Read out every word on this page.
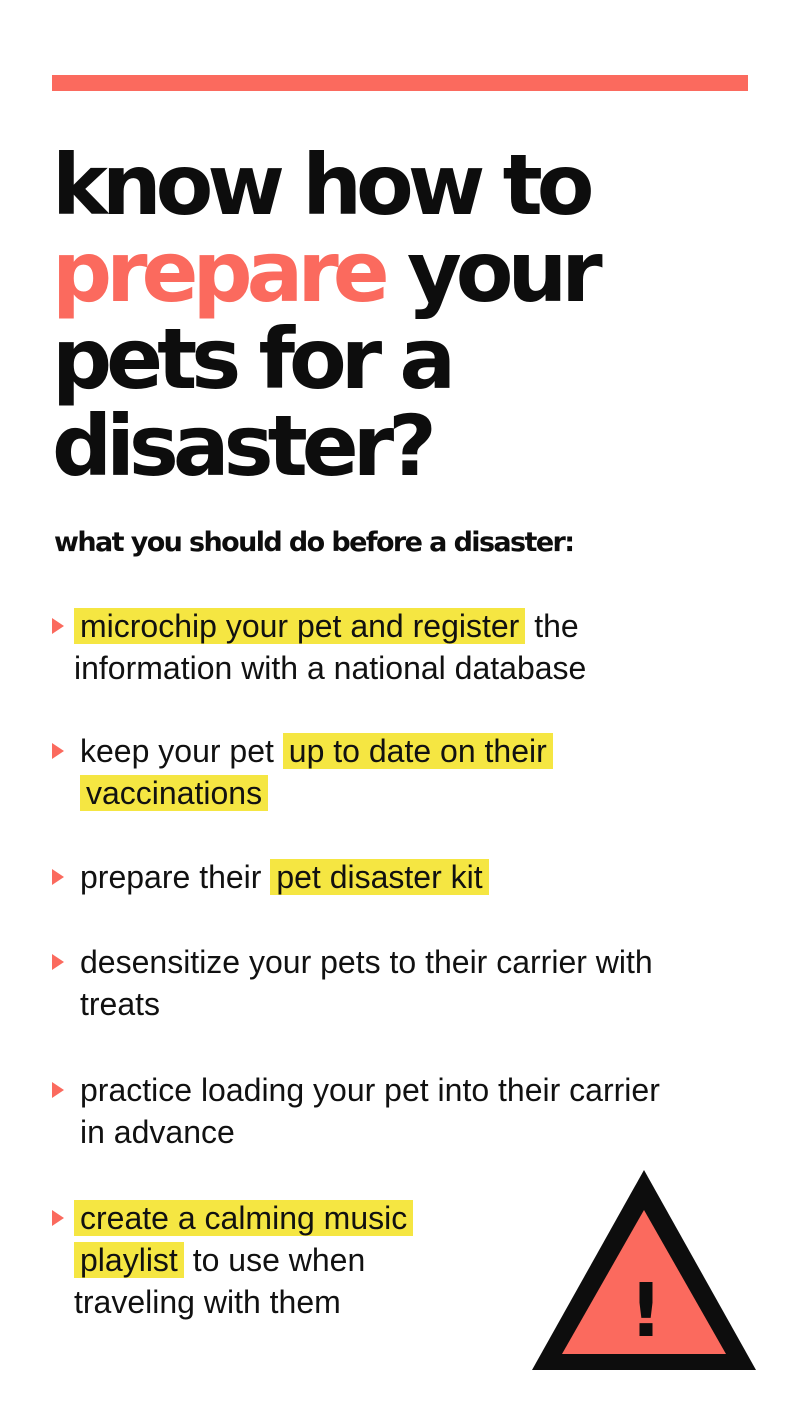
know how to
prepare your pets for a disaster?

what you should do before a disaster:

microchip your pet and register the information with a national database
keep your pet up to date on their vaccinations
prepare their pet disaster kit
desensitize your pets to their carrier with treats
practice loading your pet into their carrier in advance
create a calming music playlist to use when traveling with them	!
